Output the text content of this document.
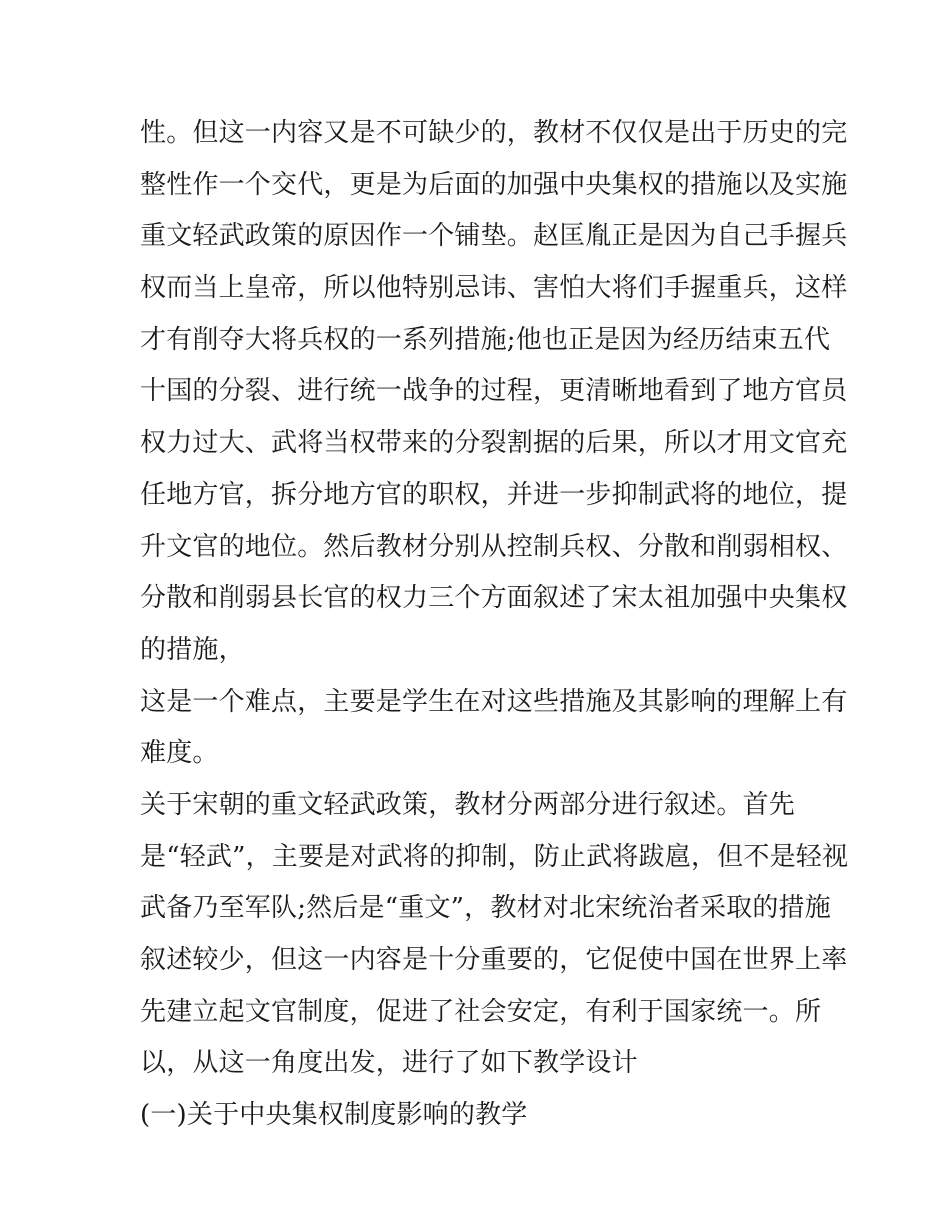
性。但这一内容又是不可缺少的，教材不仅仅是出于历史的完
整性作一个交代，更是为后面的加强中央集权的措施以及实施
重文轻武政策的原因作一个铺垫。赵匡胤正是因为自己手握兵
权而当上皇帝，所以他特别忌讳、害怕大将们手握重兵，这样
才有削夺大将兵权的一系列措施;他也正是因为经历结束五代
十国的分裂、进行统一战争的过程，更清晰地看到了地方官员
权力过大、武将当权带来的分裂割据的后果，所以才用文官充
任地方官，拆分地方官的职权，并进一步抑制武将的地位，提
升文官的地位。然后教材分别从控制兵权、分散和削弱相权、
分散和削弱县长官的权力三个方面叙述了宋太祖加强中央集权
的措施，
这是一个难点，主要是学生在对这些措施及其影响的理解上有
难度。
关于宋朝的重文轻武政策，教材分两部分进行叙述。首先
是“轻武”，主要是对武将的抑制，防止武将跋扈，但不是轻视
武备乃至军队;然后是“重文”，教材对北宋统治者采取的措施
叙述较少，但这一内容是十分重要的，它促使中国在世界上率
先建立起文官制度，促进了社会安定，有利于国家统一。所
以，从这一角度出发，进行了如下教学设计
(一)关于中央集权制度影响的教学
